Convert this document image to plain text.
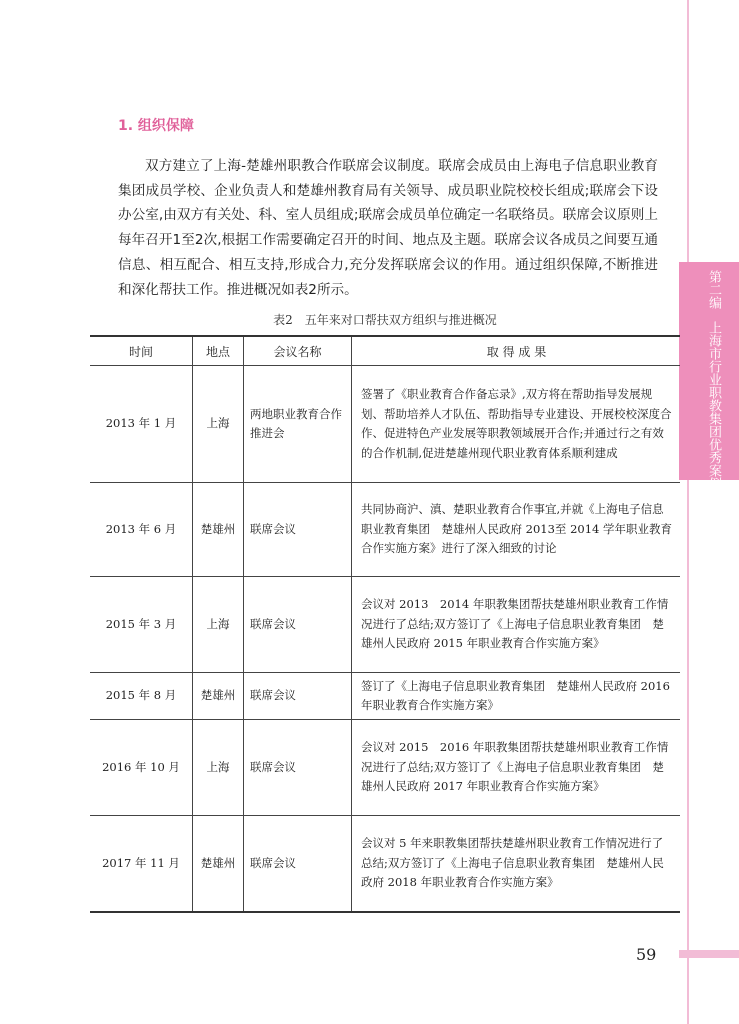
第二编上海市行业职教集团优秀案例
1. 组织保障
双方建立了上海-楚雄州职教合作联席会议制度。联席会成员由上海电子信息职业教育集团成员学校、企业负责人和楚雄州教育局有关领导、成员职业院校校长组成;联席会下设办公室,由双方有关处、科、室人员组成;联席会成员单位确定一名联络员。联席会议原则上每年召开1至2次,根据工作需要确定召开的时间、地点及主题。联席会议各成员之间要互通信息、相互配合、相互支持,形成合力,充分发挥联席会议的作用。通过组织保障,不断推进和深化帮扶工作。推进概况如表2所示。
表2　五年来对口帮扶双方组织与推进概况
时间	地点	会议名称	取 得 成 果
2013 年 1 月	上海	两地职业教育合作推进会	签署了《职业教育合作备忘录》,双方将在帮助指导发展规划、帮助培养人才队伍、帮助指导专业建设、开展校校深度合作、促进特色产业发展等职教领域展开合作;并通过行之有效的合作机制,促进楚雄州现代职业教育体系顺利建成
2013 年 6 月	楚雄州	联席会议	共同协商沪、滇、楚职业教育合作事宜,并就《上海电子信息职业教育集团　楚雄州人民政府 2013至 2014 学年职业教育合作实施方案》进行了深入细致的讨论
2015 年 3 月	上海	联席会议	会议对 2013　2014 年职教集团帮扶楚雄州职业教育工作情况进行了总结;双方签订了《上海电子信息职业教育集团　楚雄州人民政府 2015 年职业教育合作实施方案》
2015 年 8 月	楚雄州	联席会议	签订了《上海电子信息职业教育集团　楚雄州人民政府 2016 年职业教育合作实施方案》
2016 年 10 月	上海	联席会议	会议对 2015　2016 年职教集团帮扶楚雄州职业教育工作情况进行了总结;双方签订了《上海电子信息职业教育集团　楚雄州人民政府 2017 年职业教育合作实施方案》
2017 年 11 月	楚雄州	联席会议	会议对 5 年来职教集团帮扶楚雄州职业教育工作情况进行了总结;双方签订了《上海电子信息职业教育集团　楚雄州人民政府 2018 年职业教育合作实施方案》
59
